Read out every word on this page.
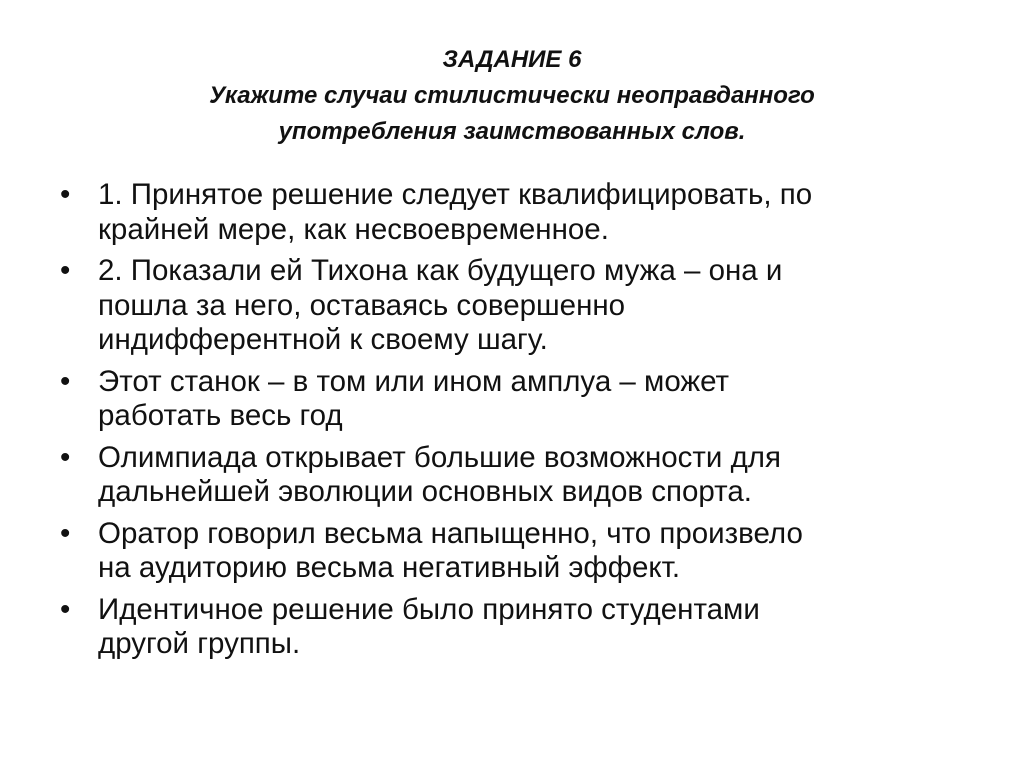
ЗАДАНИЕ 6
Укажите случаи стилистически неоправданного
употребления заимствованных слов.
• 1. Принятое решение следует квалифицировать, по
крайней мере, как несвоевременное.
• 2. Показали ей Тихона как будущего мужа – она и
пошла за него, оставаясь совершенно
индифферентной к своему шагу.
• Этот станок – в том или ином амплуа – может
работать весь год
• Олимпиада открывает большие возможности для
дальнейшей эволюции основных видов спорта.
• Оратор говорил весьма напыщенно, что произвело
на аудиторию весьма негативный эффект.
• Идентичное решение было принято студентами
другой группы.
